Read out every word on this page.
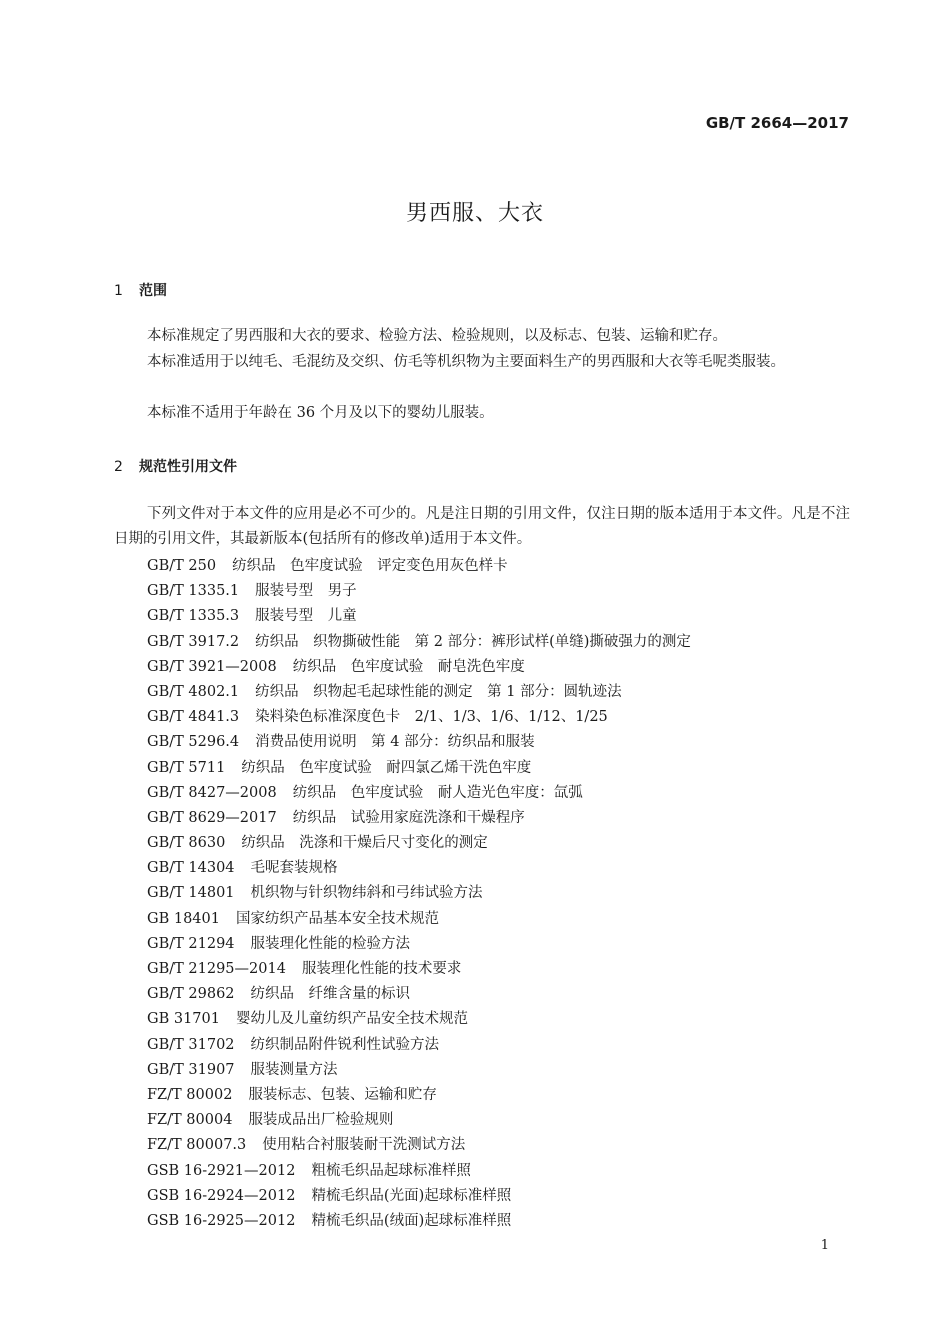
GB/T 2664—2017
男西服、大衣
1 范围

本标准规定了男西服和大衣的要求、检验方法、检验规则，以及标志、包装、运输和贮存。

本标准适用于以纯毛、毛混纺及交织、仿毛等机织物为主要面料生产的男西服和大衣等毛呢类服装。

本标准不适用于年龄在 36 个月及以下的婴幼儿服装。

2 规范性引用文件

下列文件对于本文件的应用是必不可少的。凡是注日期的引用文件，仅注日期的版本适用于本文件。凡是不注日期的引用文件，其最新版本(包括所有的修改单)适用于本文件。

GB/T 250 纺织品　色牢度试验　评定变色用灰色样卡
GB/T 1335.1 服装号型　男子
GB/T 1335.3 服装号型　儿童
GB/T 3917.2 纺织品　织物撕破性能　第 2 部分：裤形试样(单缝)撕破强力的测定
GB/T 3921—2008 纺织品　色牢度试验　耐皂洗色牢度
GB/T 4802.1 纺织品　织物起毛起球性能的测定　第 1 部分：圆轨迹法
GB/T 4841.3 染料染色标准深度色卡　2/1、1/3、1/6、1/12、1/25
GB/T 5296.4 消费品使用说明　第 4 部分：纺织品和服装
GB/T 5711 纺织品　色牢度试验　耐四氯乙烯干洗色牢度
GB/T 8427—2008 纺织品　色牢度试验　耐人造光色牢度：氙弧
GB/T 8629—2017 纺织品　试验用家庭洗涤和干燥程序
GB/T 8630 纺织品　洗涤和干燥后尺寸变化的测定
GB/T 14304 毛呢套装规格
GB/T 14801 机织物与针织物纬斜和弓纬试验方法
GB 18401 国家纺织产品基本安全技术规范
GB/T 21294 服装理化性能的检验方法
GB/T 21295—2014 服装理化性能的技术要求
GB/T 29862 纺织品　纤维含量的标识
GB 31701 婴幼儿及儿童纺织产品安全技术规范
GB/T 31702 纺织制品附件锐利性试验方法
GB/T 31907 服装测量方法
FZ/T 80002 服装标志、包装、运输和贮存
FZ/T 80004 服装成品出厂检验规则
FZ/T 80007.3 使用粘合衬服装耐干洗测试方法
GSB 16-2921—2012 粗梳毛织品起球标准样照
GSB 16-2924—2012 精梳毛织品(光面)起球标准样照
GSB 16-2925—2012 精梳毛织品(绒面)起球标准样照
1
